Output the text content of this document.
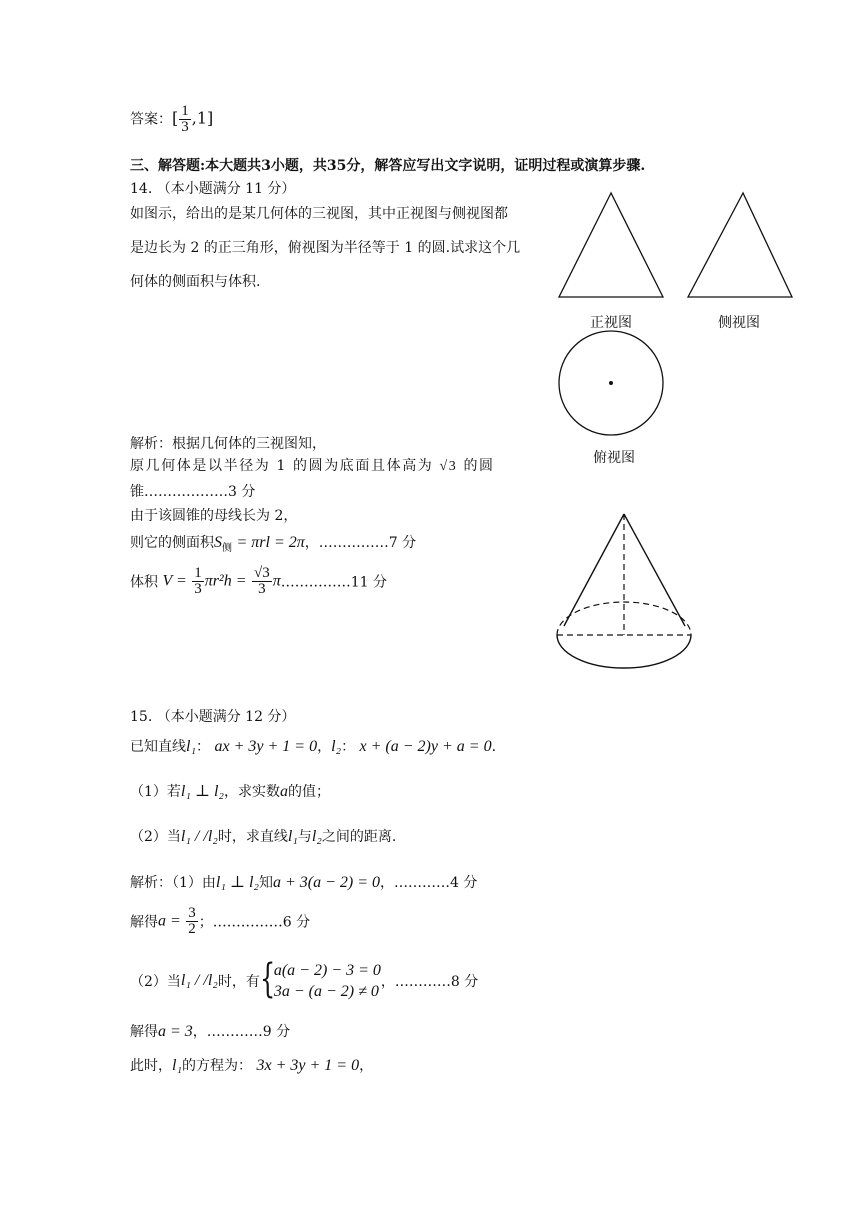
答案：[ $\frac{1}{3} ,1$]
三、解答题:本大题共3小题，共35分，解答应写出文字说明，证明过程或演算步骤.
14. （本小题满分 11 分）
如图示，给出的是某几何体的三视图，其中正视图与侧视图都
是边长为 2 的正三角形，俯视图为半径等于 1 的圆.试求这个几
何体的侧面积与体积.
正视图	侧视图
俯视图
解析：根据几何体的三视图知，
原几何体是以半径为 1 的圆为底面且体高为 √3 的圆
锥………………3 分
由于该圆锥的母线长为 2，
则它的侧面积$S_侧 = \pi rl = 2\pi$，……………7 分
体积 $V = \frac{1}{3} \pi r^2h = \frac{√3}{3}$ π……………11 分
15. （本小题满分 12 分）
已知直线l₁： ax + 3y + 1 = 0，l₂： x + (a − 2)y + a = 0.
（1）若l₁ ⊥ l₂，求实数a的值；
（2）当l₁ / /l₂时，求直线l₁与l₂之间的距离.
解析：（1）由l₁ ⊥ l₂知a + 3(a − 2) = 0，…………4 分
解得$a = \frac{3}{2}$ ；……………6 分
（2）当l₁ / /l₂时，有 {
a(a − 2) − 3 = 0
3a − (a − 2) ≠ 0
，…………8 分
解得a = 3，…………9 分
此时，l₁的方程为： 3x + 3y + 1 = 0，
